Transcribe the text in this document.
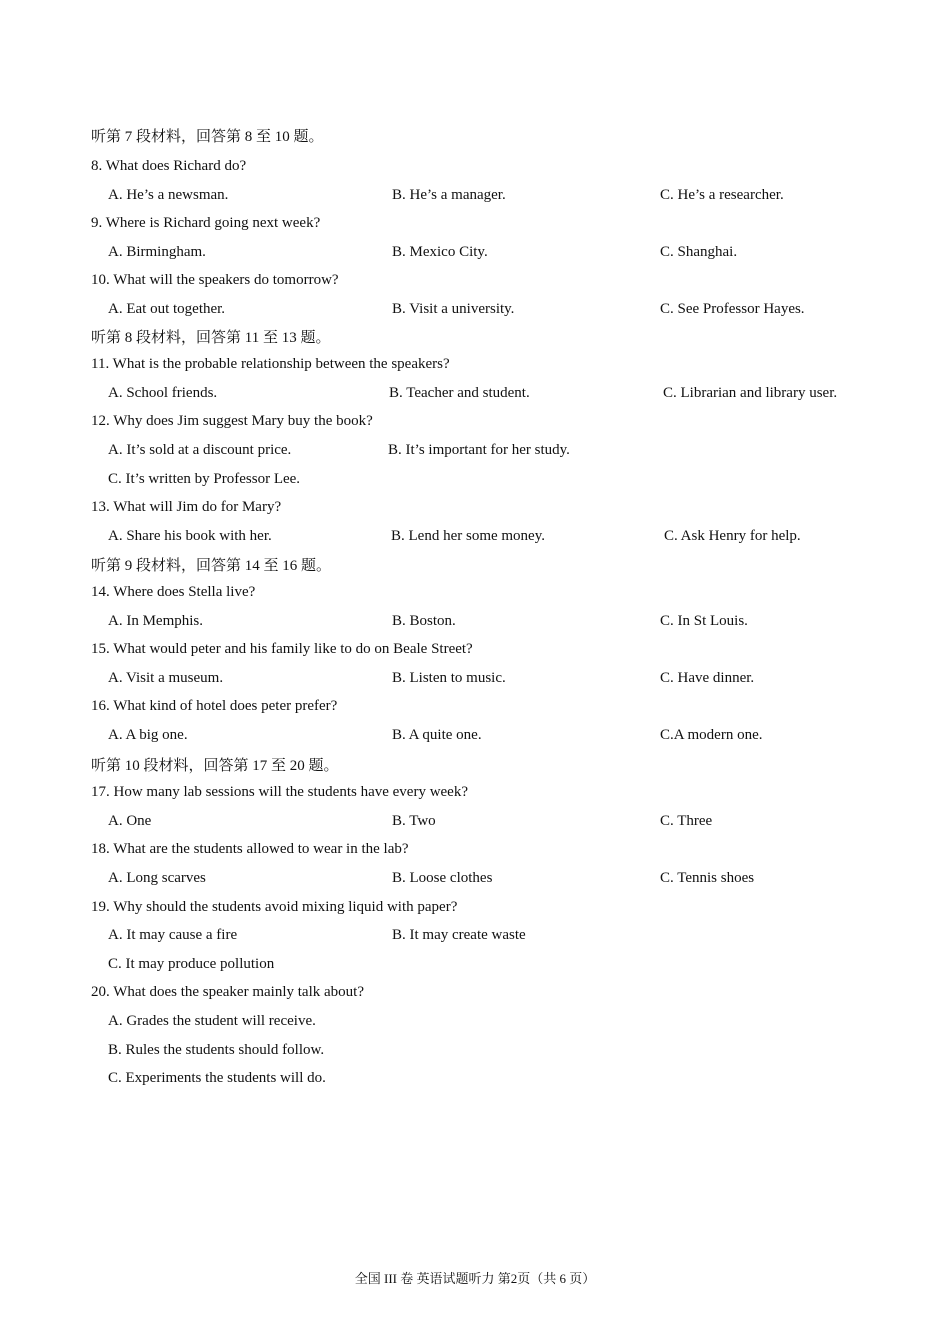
听第 7 段材料，回答第 8 至 10 题。
8. What does Richard do?
A. He’s a newsman.	B. He’s a manager.	C. He’s a researcher.
9. Where is Richard going next week?
A. Birmingham.	B. Mexico City.	C. Shanghai.
10. What will the speakers do tomorrow?
A. Eat out together.	B. Visit a university.	C. See Professor Hayes.
听第 8 段材料，回答第 11 至 13 题。
11. What is the probable relationship between the speakers?
A. School friends.	B. Teacher and student.	C. Librarian and library user.
12. Why does Jim suggest Mary buy the book?
A. It’s sold at a discount price.	B. It’s important for her study.
C. It’s written by Professor Lee.
13. What will Jim do for Mary?
A. Share his book with her.	B. Lend her some money.	C. Ask Henry for help.
听第 9 段材料，回答第 14 至 16 题。
14. Where does Stella live?
A. In Memphis.	B. Boston.	C. In St Louis.
15. What would peter and his family like to do on Beale Street?
A. Visit a museum.	B. Listen to music.	C. Have dinner.
16. What kind of hotel does peter prefer?
A. A big one.	B. A quite one.	C.A modern one.
听第 10 段材料，回答第 17 至 20 题。
17. How many lab sessions will the students have every week?
A. One	B. Two	C. Three
18. What are the students allowed to wear in the lab?
A. Long scarves	B. Loose clothes	C. Tennis shoes
19. Why should the students avoid mixing liquid with paper?
A. It may cause a fire	B. It may create waste
C. It may produce pollution
20. What does the speaker mainly talk about?
A. Grades the student will receive.
B. Rules the students should follow.
C. Experiments the students will do.
全国 III 卷 英语试题听力 第2页（共 6 页）
